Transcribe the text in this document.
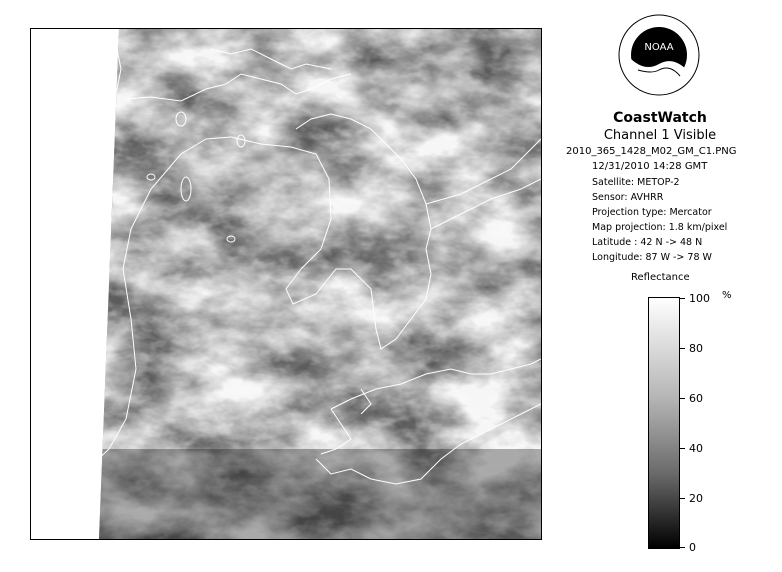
NOAA
CoastWatch
Channel 1 Visible
2010_365_1428_M02_GM_C1.PNG
12/31/2010 14:28 GMT
Satellite: METOP-2
Sensor: AVHRR
Projection type: Mercator
Map projection: 1.8 km/pixel
Latitude : 42 N -> 48 N
Longitude: 87 W -> 78 W
Reflectance
%
100
80
60
40
20
0
